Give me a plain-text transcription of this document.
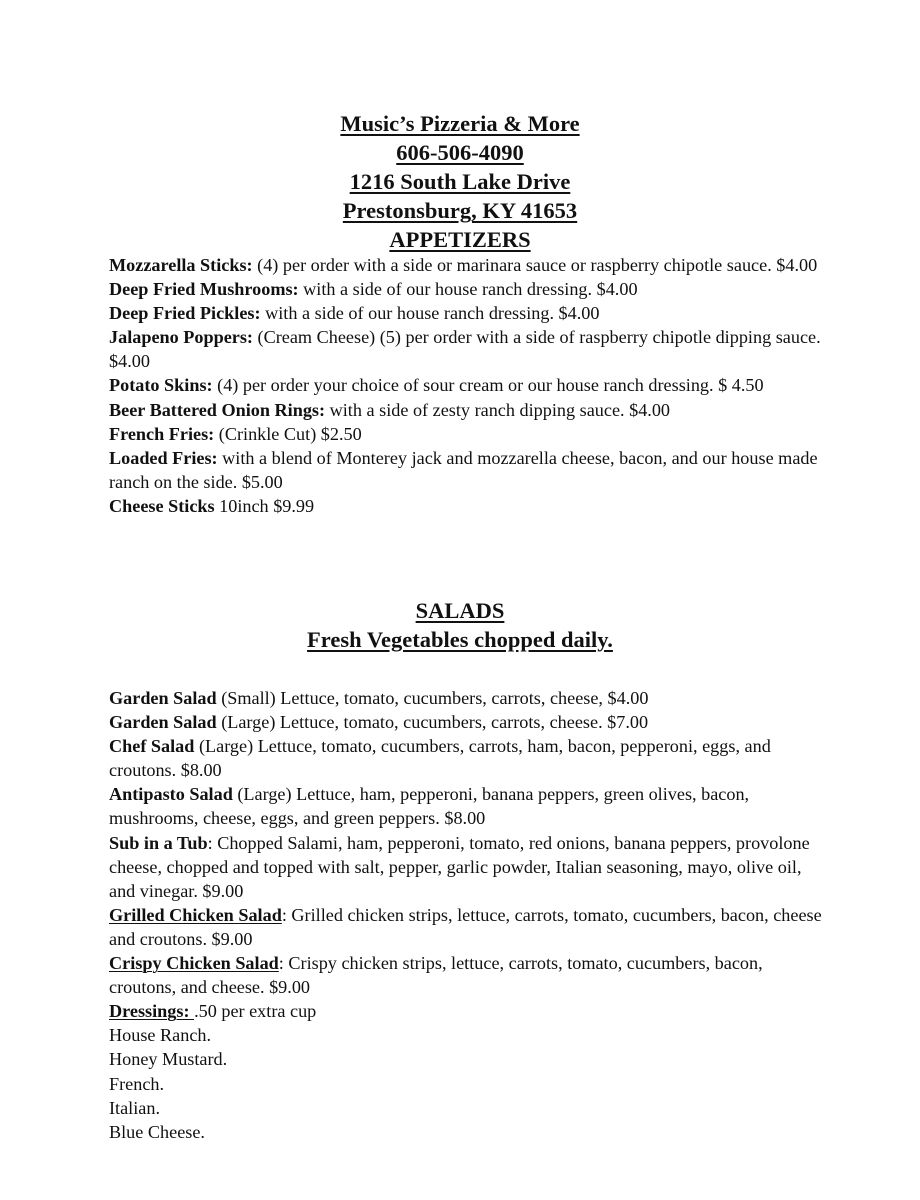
Music’s Pizzeria & More
606-506-4090
1216 South Lake Drive
Prestonsburg, KY 41653
APPETIZERS

Mozzarella Sticks: (4) per order with a side or marinara sauce or raspberry chipotle sauce. $4.00

Deep Fried Mushrooms: with a side of our house ranch dressing. $4.00

Deep Fried Pickles: with a side of our house ranch dressing. $4.00

Jalapeno Poppers: (Cream Cheese) (5) per order with a side of raspberry chipotle dipping sauce. $4.00

Potato Skins: (4) per order your choice of sour cream or our house ranch dressing. $ 4.50

Beer Battered Onion Rings: with a side of zesty ranch dipping sauce. $4.00

French Fries: (Crinkle Cut) $2.50

Loaded Fries: with a blend of Monterey jack and mozzarella cheese, bacon, and our house made ranch on the side. $5.00

Cheese Sticks 10inch $9.99

SALADS
Fresh Vegetables chopped daily.

Garden Salad (Small) Lettuce, tomato, cucumbers, carrots, cheese, $4.00

Garden Salad (Large) Lettuce, tomato, cucumbers, carrots, cheese. $7.00

Chef Salad (Large) Lettuce, tomato, cucumbers, carrots, ham, bacon, pepperoni, eggs, and croutons. $8.00

Antipasto Salad (Large) Lettuce, ham, pepperoni, banana peppers, green olives, bacon, mushrooms, cheese, eggs, and green peppers. $8.00

Sub in a Tub: Chopped Salami, ham, pepperoni, tomato, red onions, banana peppers, provolone cheese, chopped and topped with salt, pepper, garlic powder, Italian seasoning, mayo, olive oil, and vinegar. $9.00

Grilled Chicken Salad: Grilled chicken strips, lettuce, carrots, tomato, cucumbers, bacon, cheese and croutons. $9.00

Crispy Chicken Salad: Crispy chicken strips, lettuce, carrots, tomato, cucumbers, bacon, croutons, and cheese. $9.00

Dressings: .50 per extra cup

House Ranch.

Honey Mustard.

French.

Italian.

Blue Cheese.
